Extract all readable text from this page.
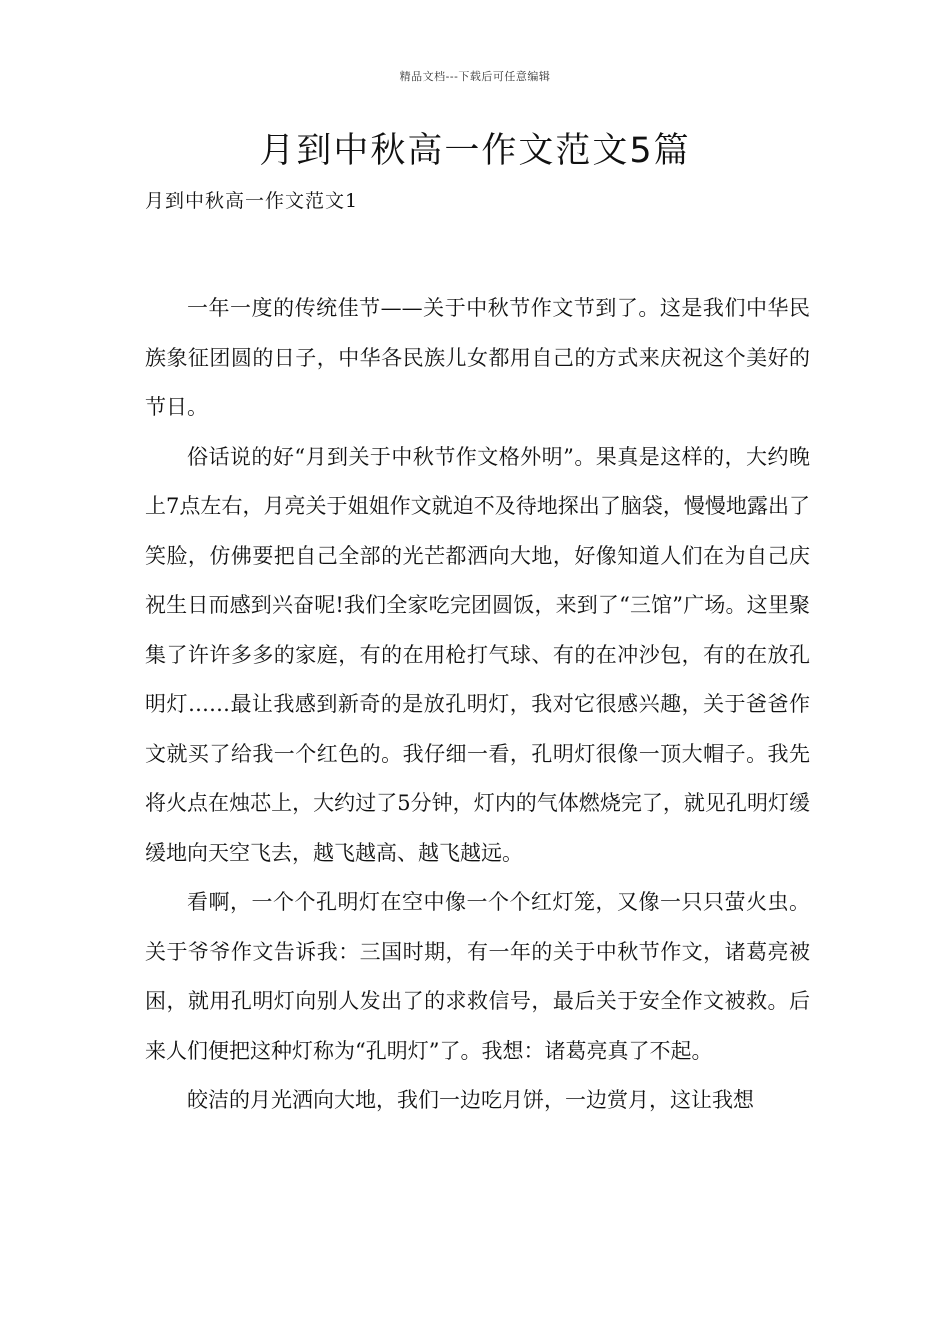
精品文档---下载后可任意编辑
月到中秋高一作文范文5篇
月到中秋高一作文范文1

一年一度的传统佳节——关于中秋节作文节到了。这是我们中华民族象征团圆的日子，中华各民族儿女都用自己的方式来庆祝这个美好的节日。

俗话说的好“月到关于中秋节作文格外明”。果真是这样的，大约晚上7点左右，月亮关于姐姐作文就迫不及待地探出了脑袋，慢慢地露出了笑脸，仿佛要把自己全部的光芒都洒向大地，好像知道人们在为自己庆祝生日而感到兴奋呢!我们全家吃完团圆饭，来到了“三馆”广场。这里聚集了许许多多的家庭，有的在用枪打气球、有的在冲沙包，有的在放孔明灯……最让我感到新奇的是放孔明灯，我对它很感兴趣，关于爸爸作文就买了给我一个红色的。我仔细一看，孔明灯很像一顶大帽子。我先将火点在烛芯上，大约过了5分钟，灯内的气体燃烧完了，就见孔明灯缓缓地向天空飞去，越飞越高、越飞越远。

看啊，一个个孔明灯在空中像一个个红灯笼，又像一只只萤火虫。关于爷爷作文告诉我：三国时期，有一年的关于中秋节作文，诸葛亮被困，就用孔明灯向别人发出了的求救信号，最后关于安全作文被救。后来人们便把这种灯称为“孔明灯”了。我想：诸葛亮真了不起。

皎洁的月光洒向大地，我们一边吃月饼，一边赏月，这让我想
